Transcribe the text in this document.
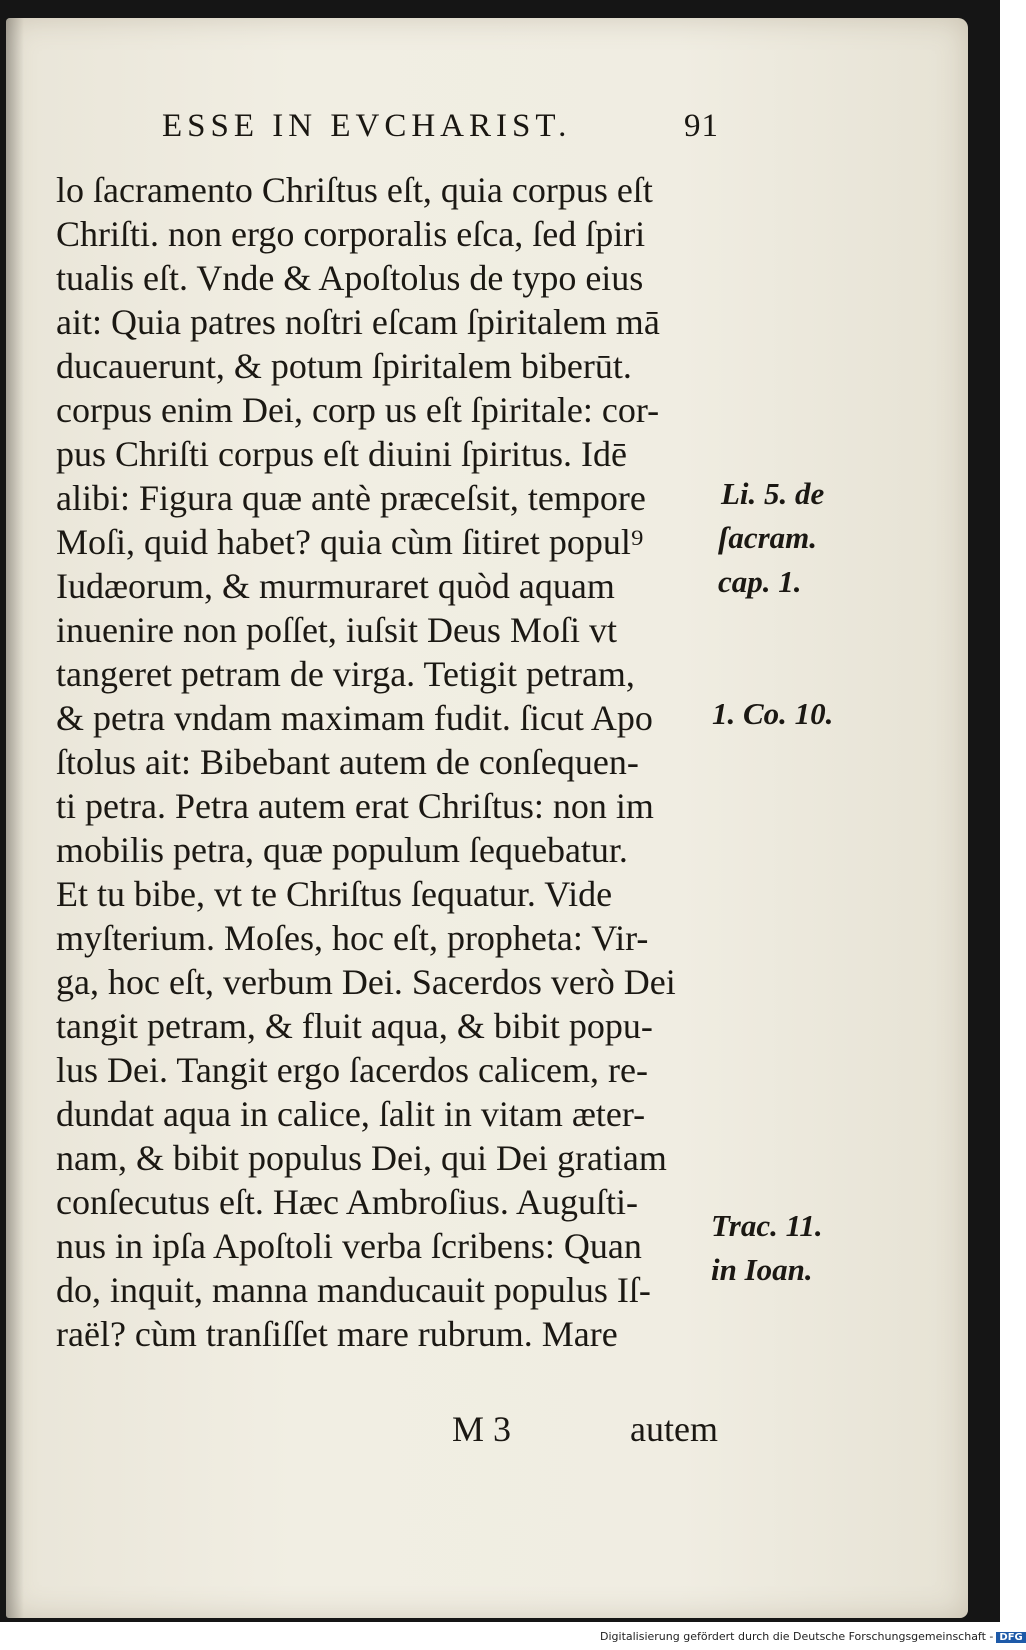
ESSE IN EVCHARIST.	91
lo ſacramento Chriſtus eſt, quia corpus eſt
Chriſti. non ergo corporalis eſca, ſed ſpiri
tualis eſt. Vnde & Apoſtolus de typo eius
ait: Quia patres noſtri eſcam ſpiritalem mā
ducauerunt, & potum ſpiritalem biberūt.
corpus enim Dei, corp us eſt ſpiritale: cor-
pus Chriſti corpus eſt diuini ſpiritus. Idē
alibi: Figura quæ antè præceſsit, tempore
Moſi, quid habet? quia cùm ſitiret popul⁹
Iudæorum, & murmuraret quòd aquam
inuenire non poſſet, iuſsit Deus Moſi vt
tangeret petram de virga. Tetigit petram,
& petra vndam maximam fudit. ſicut Apo
ſtolus ait: Bibebant autem de conſequen-
ti petra. Petra autem erat Chriſtus: non im
mobilis petra, quæ populum ſequebatur.
Et tu bibe, vt te Chriſtus ſequatur. Vide
myſterium. Moſes, hoc eſt, propheta: Vir-
ga, hoc eſt, verbum Dei. Sacerdos verò Dei
tangit petram, & fluit aqua, & bibit popu-
lus Dei. Tangit ergo ſacerdos calicem, re-
dundat aqua in calice, ſalit in vitam æter-
nam, & bibit populus Dei, qui Dei gratiam
conſecutus eſt. Hæc Ambroſius. Auguſti-
nus in ipſa Apoſtoli verba ſcribens: Quan
do, inquit, manna manducauit populus Iſ-
raël? cùm tranſiſſet mare rubrum. Mare
Li. 5. de
ſacram.
cap. 1.
1. Co. 10.
Trac. 11.
in Ioan.
M 3	autem
Digitalisierung gefördert durch die Deutsche Forschungsgemeinschaft - DFG
